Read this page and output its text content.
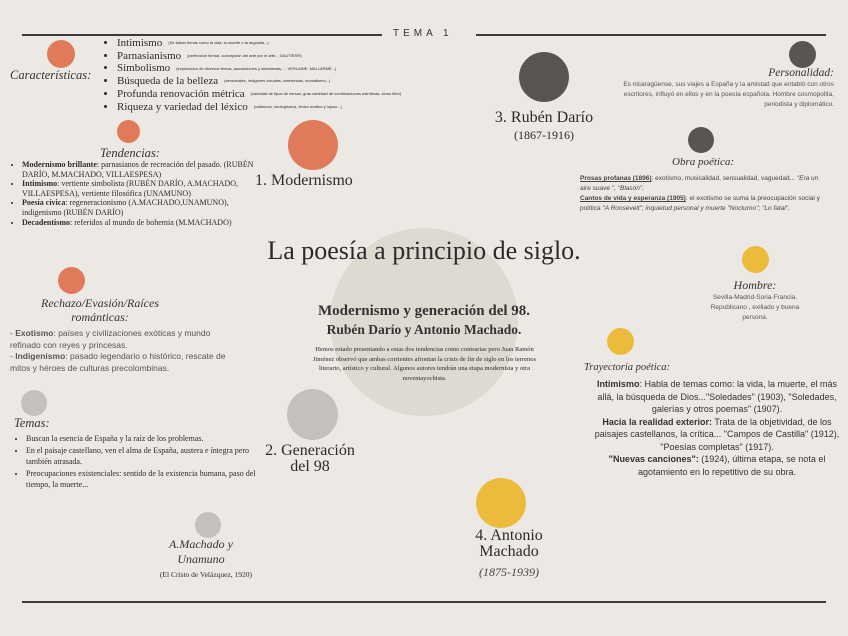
TEMA 1
Características:
• Intimismo (Se tratan temas como la vida, la muerte o la angustia...)
• Parnasianismo (perfección formal, concepción del arte por el arte... GAUTIERR)
• Simbolismo (exploración de diversos temas, asociaciones y sinestesias, ... VERLAINE, MALLARMÉ...)
• Búsqueda de la belleza (sensoriales, imágenes visuales, sinestesias, cromatismo...)
• Profunda renovación métrica (variedad de tipos de versos, gran variedad de combinaciones estróficas, verso libre)
• Riqueza y variedad del léxico (cultismos, neologismos, léxico exótico y lujoso...)
Tendencias:
• Modernismo brillante: parnasianos de recreación del pasado. (RUBÉN DARÍO, M.MACHADO, VILLAESPESA)
• Intimismo: vertiente simbolista (RUBÉN DARÍO, A.MACHADO, VILLAESPESA), vertiente filosófica (UNAMUNO)
• Poesía cívica: regeneracionismo (A.MACHADO,UNAMUNO), indigenismo (RUBÉN DARÍO)
• Decadentismo: referidos al mundo de bohemia (M.MACHADO)
1. Modernismo
Rechazo/Evasión/Raíces románticas:
- Exotismo: países y civilizaciones exóticas y mundo refinado con reyes y princesas.
- Indigenismo: pasado legendario o histórico, rescate de mitos y héroes de culturas precolombinas.
Temas:
• Buscan la esencia de España y la raíz de los problemas.
• En el paisaje castellano, ven el alma de España, austera e íntegra pero también atrasada.
• Preocupaciones existenciales: sentido de la existencia humana, paso del tiempo, la muerte...
2. Generación del 98
A.Machado y Unamuno
(El Cristo de Velázquez, 1920)
La poesía a principio de siglo.
Modernismo y generación del 98.
Rubén Darío y Antonio Machado.
Hemos estado presentando a estas dos tendencias como contrarias pero Juan Ramón Jiménez observó que ambas corrientes afrontan la crisis de fin de siglo en los terrenos literario, artístico y cultural. Algunos autores tendrán una etapa modernista y otra noventayochista.
3. Rubén Darío
(1867-1916)
Personalidad:
Es nicaragüense, sus viajes a España y la amistad que entabló con otros escritores, influyó en ellos y en la poesía española. Hombre cosmopolita, periodista y diplomático.
Obra poética:
Prosas profanas (1896): exotismo, musicalidad, sensualidad, vaguedad... "Era un aire suave ", "Blasón".
Cantos de vida y esperanza (1905): el exotismo se suma la preocupación social y política "A Roosevelt"; inquietud personal y muerte "Nocturno"; "Lo fatal".
Hombre:
Sevilla-Madrid-Soria-Francia. Republicano , exiliado y buena persona.
Trayectoria poética:
Intimismo: Habla de temas como: la vida, la muerte, el más allá, la búsqueda de Dios..."Soledades" (1903), "Soledades, galerías y otros poemas" (1907).
Hacia la realidad exterior: Trata de la objetividad, de los paisajes castellanos, la crítica... "Campos de Castilla" (1912), "Poesías completas" (1917).
"Nuevas canciones": (1924), última etapa, se nota el agotamiento en lo repetitivo de su obra.
4. Antonio Machado
(1875-1939)
